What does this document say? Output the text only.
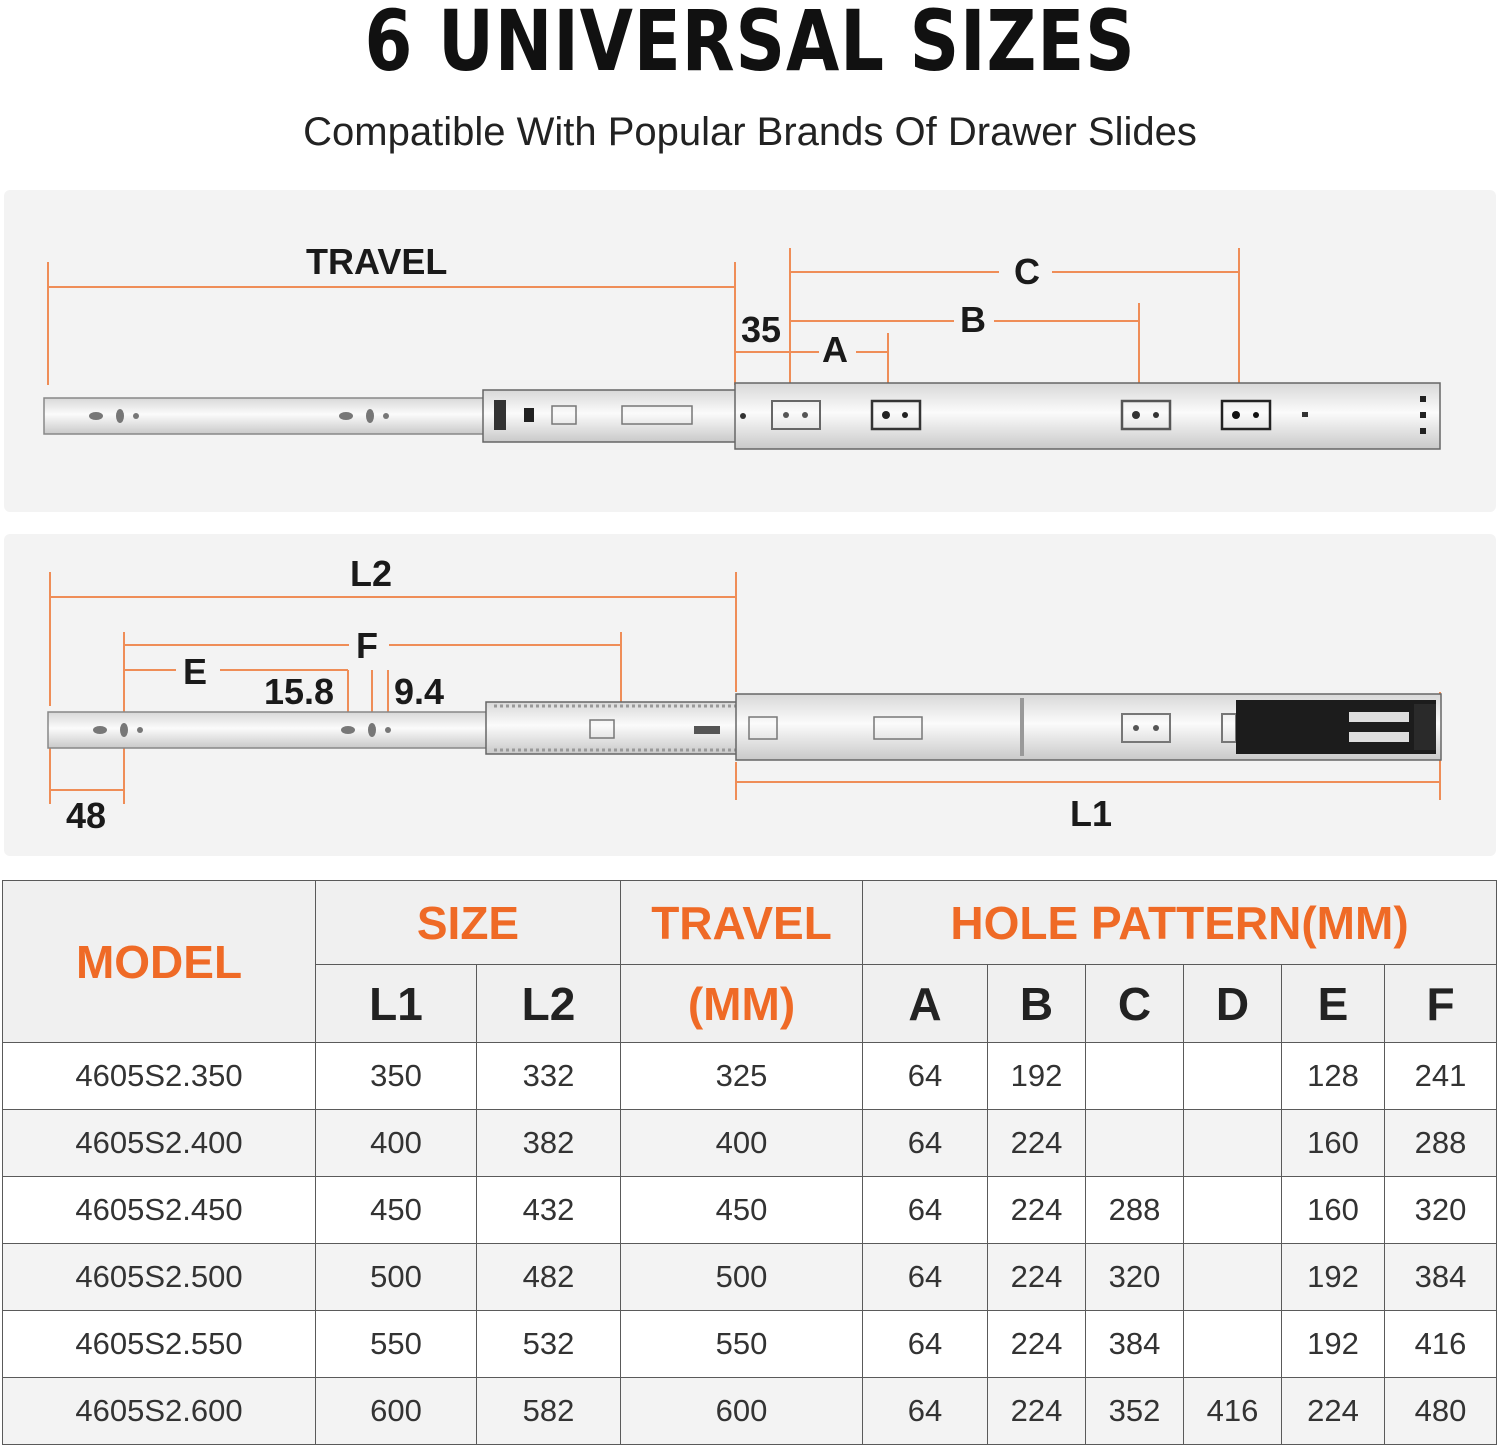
6 UNIVERSAL SIZES
Compatible With Popular Brands Of Drawer Slides
TRAVEL	C
B
35 A
L2
F
E 15.8 9.4
48	L1
MODEL	SIZE		TRAVEL	HOLE PATTERN(MM)					
	L1	L2	(MM)	A	B	C	D	E	F
4605S2.350	350	332	325	64	192			128	241
4605S2.400	400	382	400	64	224			160	288
4605S2.450	450	432	450	64	224	288		160	320
4605S2.500	500	482	500	64	224	320		192	384
4605S2.550	550	532	550	64	224	384		192	416
4605S2.600	600	582	600	64	224	352	416	224	480
